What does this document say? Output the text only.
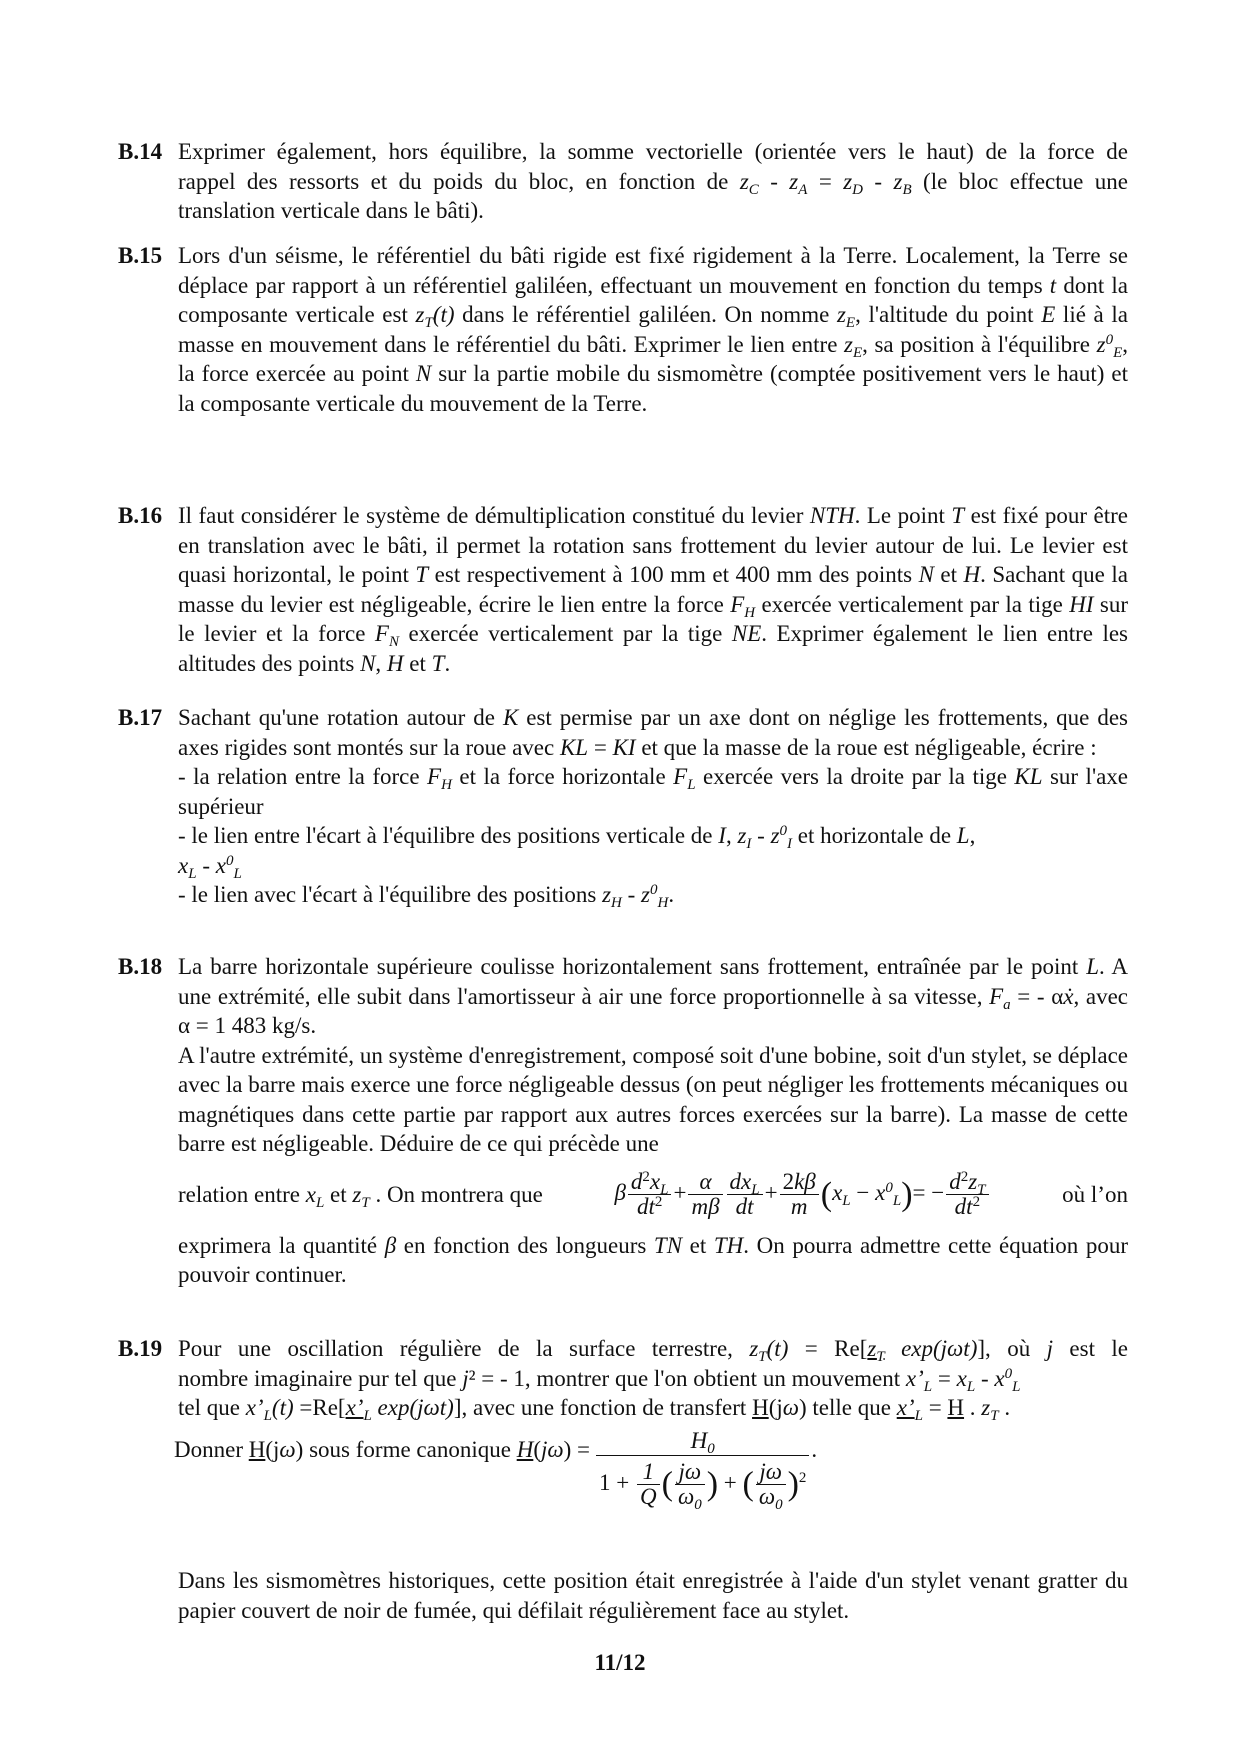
B.14 Exprimer également, hors équilibre, la somme vectorielle (orientée vers le haut) de la force de
rappel des ressorts et du poids du bloc, en fonction de $z_C - z_A = z_D - z_B$ (le bloc effectue une
translation verticale dans le bâti).
B.15 Lors d'un séisme, le référentiel du bâti rigide est fixé rigidement à la Terre. Localement, la Terre se déplace par rapport à un référentiel galiléen, effectuant un mouvement en fonction du temps t dont la composante verticale est $z_T(t)$ dans le référentiel galiléen. On nomme $z_E$, l'altitude du point E lié à la masse en mouvement dans le référentiel du bâti. Exprimer le lien entre $z_E$, sa position à l'équilibre $z^0_E$, la force exercée au point N sur la partie mobile du sismomètre (comptée positivement vers le haut) et la composante verticale du mouvement de la Terre.
B.16 Il faut considérer le système de démultiplication constitué du levier NTH. Le point T est fixé pour être en translation avec le bâti, il permet la rotation sans frottement du levier autour de lui. Le levier est quasi horizontal, le point T est respectivement à 100 mm et 400 mm des points N et H. Sachant que la masse du levier est négligeable, écrire le lien entre la force $F_H$ exercée verticalement par la tige HI sur le levier et la force $F_N$ exercée verticalement par la tige NE. Exprimer également le lien entre les altitudes des points N, H et T.
B.17 Sachant qu'une rotation autour de K est permise par un axe dont on néglige les frottements, que des axes rigides sont montés sur la roue avec KL = KI et que la masse de la roue est négligeable, écrire :
- la relation entre la force $F_H$ et la force horizontale $F_L$ exercée vers la droite par la tige KL sur l'axe supérieur
- le lien entre l'écart à l'équilibre des positions verticale de I, $z_I - z^0_I$ et horizontale de L,
$x_L - x^0_L$
- le lien avec l'écart à l'équilibre des positions $z_H - z^0_H$.
B.18 La barre horizontale supérieure coulisse horizontalement sans frottement, entraînée par le point L. A une extrémité, elle subit dans l'amortisseur à air une force proportionnelle à sa vitesse, $F_a$ = - αẋ, avec α = 1 483 kg/s.
A l'autre extrémité, un système d'enregistrement, composé soit d'une bobine, soit d'un stylet, se déplace avec la barre mais exerce une force négligeable dessus (on peut négliger les frottements mécaniques ou magnétiques dans cette partie par rapport aux autres forces exercées sur la barre). La masse de cette barre est négligeable. Déduire de ce qui précède une
relation entre $x_L$ et $z_T$ . On montrera que	β $\frac{d^2x_L}{dt^2} + \frac{\alpha}{m\beta} \frac{dx_L}{dt} + \frac{2k\beta}{m} (x_L - x^0_L)= - \frac{d^2z_T}{dt^2}$	où l’on
exprimera la quantité β en fonction des longueurs TN et TH. On pourra admettre cette équation pour pouvoir continuer.
B.19 Pour une oscillation régulière de la surface terrestre, $z_T(t) = Re[z_T$ exp(jωt)], où j est le
nombre imaginaire pur tel que j² = - 1, montrer que l'on obtient un mouvement $x’_L = x_L - x^0_L$
tel que $x’_L(t)$ $=Re[x’_L$ exp(jωt)], avec une fonction de transfert H(jω) telle que $x’_L = H$ . $z_T$ .
Donner H(jω) sous forme canonique $H(j\omega) = \frac{H_0}{1 + \frac{1}{Q} ( \frac{j\omega}{\omega_0} ) + ( \frac{j\omega}{\omega_0} )^2}$ .
Dans les sismomètres historiques, cette position était enregistrée à l'aide d'un stylet venant gratter du papier couvert de noir de fumée, qui défilait régulièrement face au stylet.
11/12
